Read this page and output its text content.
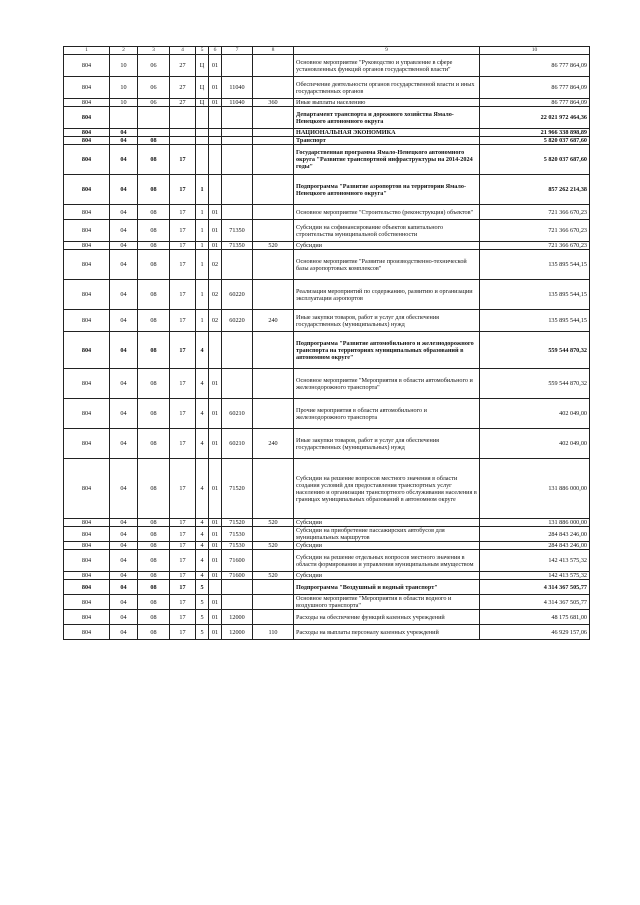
1	2	3	4	5	6	7	8	9	10
804	10	06	27	Ц	01			Основное мероприятие "Руководство и управление в сфере установленных функций органов государственной власти"	86 777 864,09
804	10	06	27	Ц	01	11040		Обеспечение деятельности органов государственной власти и иных государственных органов	86 777 864,09
804	10	06	27	Ц	01	11040	360	Иные выплаты населению	86 777 864,09
804								Департамент транспорта и дорожного хозяйства Ямало-Ненецкого автономного округа	22 021 972 464,36
804	04							НАЦИОНАЛЬНАЯ ЭКОНОМИКА	21 966 338 898,89
804	04	08						Транспорт	5 820 037 687,60
804	04	08	17					Государственная программа Ямало-Ненецкого автономного округа "Развитие транспортной инфраструктуры на 2014-2024 годы"	5 820 037 687,60
804	04	08	17	1				Подпрограмма "Развитие аэропортов на территории Ямало-Ненецкого автономного округа"	857 262 214,38
804	04	08	17	1	01			Основное мероприятие "Строительство (реконструкция) объектов"	721 366 670,23
804	04	08	17	1	01	71350		Субсидии на софинансирование объектов капитального строительства муниципальной собственности	721 366 670,23
804	04	08	17	1	01	71350	520	Субсидии	721 366 670,23
804	04	08	17	1	02			Основное мероприятие "Развитие производственно-технической базы аэропортовых комплексов"	135 895 544,15
804	04	08	17	1	02	60220		Реализация мероприятий по содержанию, развитию и организации эксплуатации аэропортов	135 895 544,15
804	04	08	17	1	02	60220	240	Иные закупки товаров, работ и услуг для обеспечения государственных (муниципальных) нужд	135 895 544,15
804	04	08	17	4				Подпрограмма "Развитие автомобильного и железнодорожного транспорта на территориях муниципальных образований в автономном округе"	559 544 870,32
804	04	08	17	4	01			Основное мероприятие "Мероприятия в области автомобильного и железнодорожного транспорта"	559 544 870,32
804	04	08	17	4	01	60210		Прочие мероприятия в области автомобильного и железнодорожного транспорта	402 049,00
804	04	08	17	4	01	60210	240	Иные закупки товаров, работ и услуг для обеспечения государственных (муниципальных) нужд	402 049,00
804	04	08	17	4	01	71520		Субсидии на решение вопросов местного значения в области создания условий для предоставления транспортных услуг населению и организации транспортного обслуживания населения в границах муниципальных образований в автономном округе	131 886 000,00
804	04	08	17	4	01	71520	520	Субсидии	131 886 000,00
804	04	08	17	4	01	71530		Субсидии на приобретение пассажирских автобусов для муниципальных маршрутов	284 843 246,00
804	04	08	17	4	01	71530	520	Субсидии	284 843 246,00
804	04	08	17	4	01	71600		Субсидии на решение отдельных вопросов местного значения в области формирования и управления муниципальным имуществом	142 413 575,32
804	04	08	17	4	01	71600	520	Субсидии	142 413 575,32
804	04	08	17	5				Подпрограмма "Воздушный и водный транспорт"	4 314 367 505,77
804	04	08	17	5	01			Основное мероприятие "Мероприятия в области водного и воздушного транспорта"	4 314 367 505,77
804	04	08	17	5	01	12000		Расходы на обеспечение функций казенных учреждений	48 175 681,00
804	04	08	17	5	01	12000	110	Расходы на выплаты персоналу казенных учреждений	46 929 157,06
